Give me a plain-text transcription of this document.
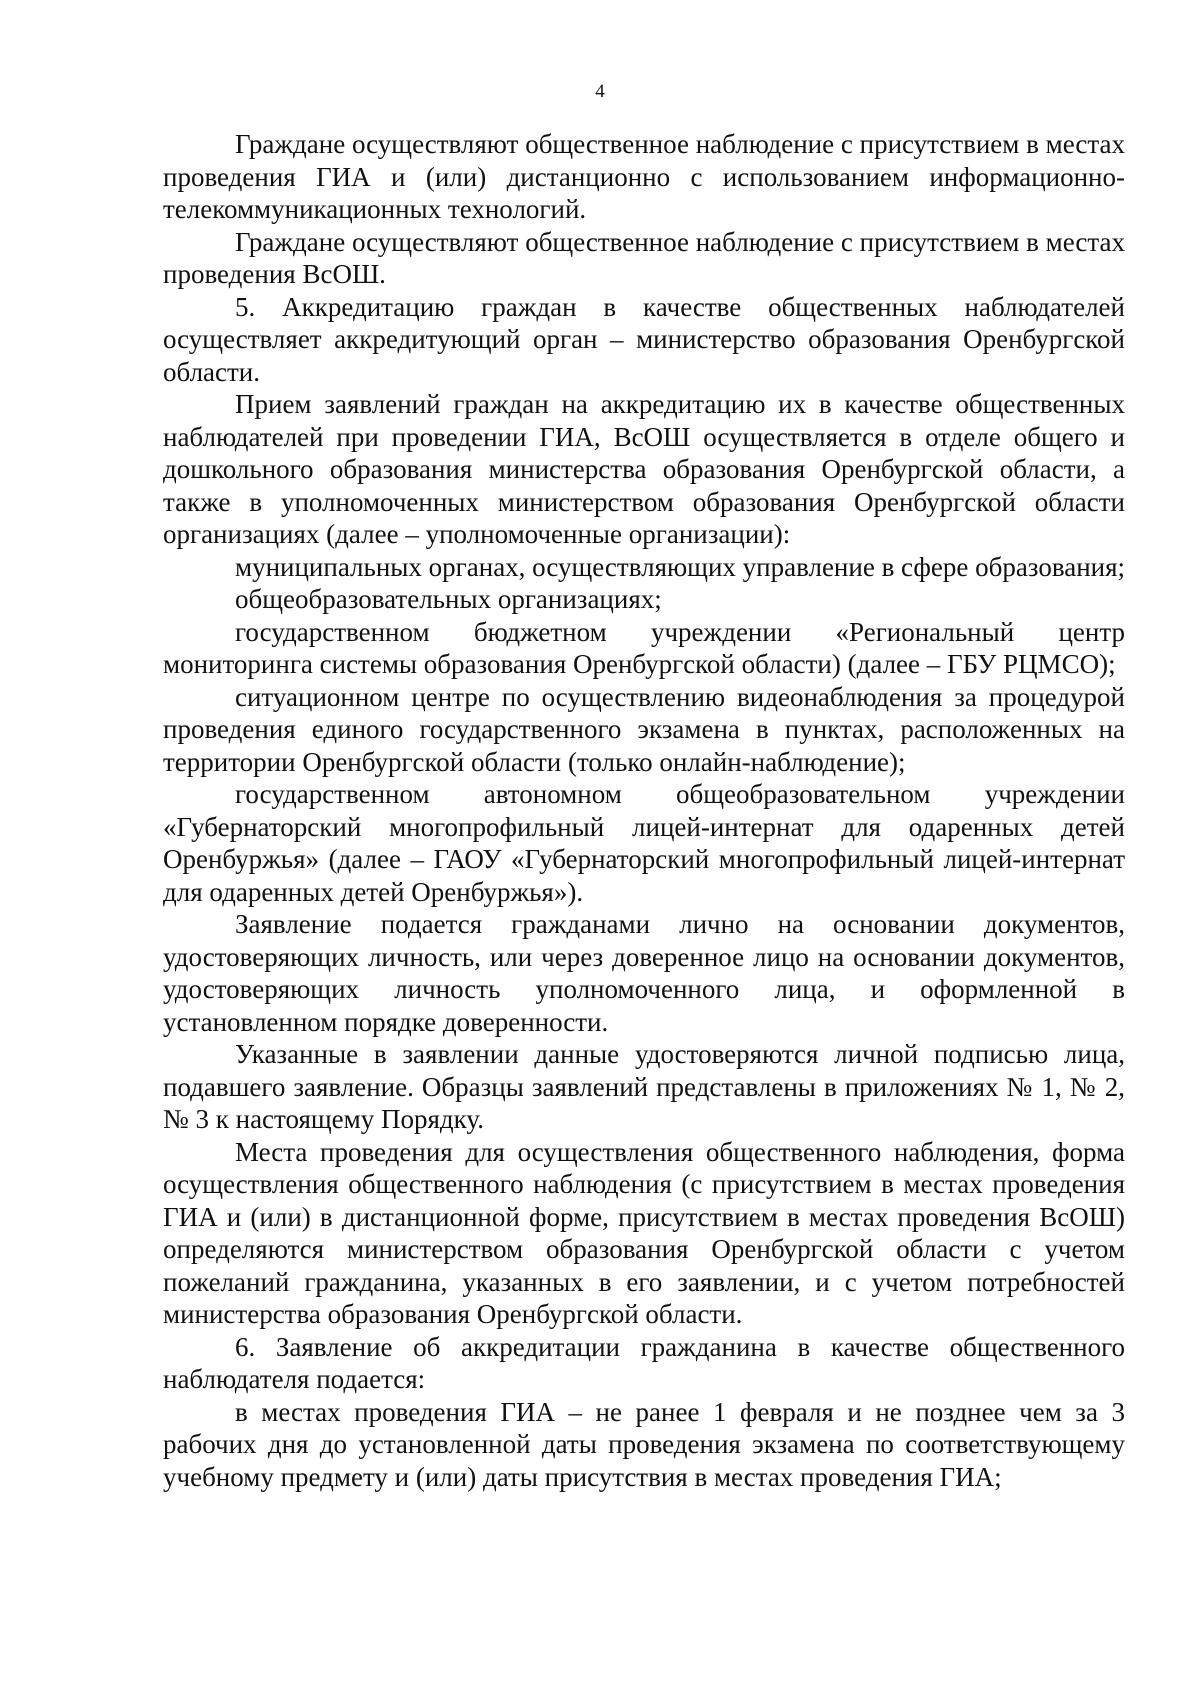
4

Граждане осуществляют общественное наблюдение с присутствием в местах проведения ГИА и (или) дистанционно с использованием информационно-телекоммуникационных технологий.

Граждане осуществляют общественное наблюдение с присутствием в местах проведения ВсОШ.

5. Аккредитацию граждан в качестве общественных наблюдателей осуществляет аккредитующий орган – министерство образования Оренбургской области.

Прием заявлений граждан на аккредитацию их в качестве общественных наблюдателей при проведении ГИА, ВсОШ осуществляется в отделе общего и дошкольного образования министерства образования Оренбургской области, а также в уполномоченных министерством образования Оренбургской области организациях (далее – уполномоченные организации):

муниципальных органах, осуществляющих управление в сфере образования;

общеобразовательных организациях;

государственном бюджетном учреждении «Региональный центр мониторинга системы образования Оренбургской области) (далее – ГБУ РЦМСО);

ситуационном центре по осуществлению видеонаблюдения за процедурой проведения единого государственного экзамена в пунктах, расположенных на территории Оренбургской области (только онлайн-наблюдение);

государственном автономном общеобразовательном учреждении «Губернаторский многопрофильный лицей-интернат для одаренных детей Оренбуржья» (далее – ГАОУ «Губернаторский многопрофильный лицей-интернат для одаренных детей Оренбуржья»).

Заявление подается гражданами лично на основании документов, удостоверяющих личность, или через доверенное лицо на основании документов, удостоверяющих личность уполномоченного лица, и оформленной в установленном порядке доверенности.

Указанные в заявлении данные удостоверяются личной подписью лица, подавшего заявление. Образцы заявлений представлены в приложениях № 1, № 2, № 3 к настоящему Порядку.

Места проведения для осуществления общественного наблюдения, форма осуществления общественного наблюдения (с присутствием в местах проведения ГИА и (или) в дистанционной форме, присутствием в местах проведения ВсОШ) определяются министерством образования Оренбургской области с учетом пожеланий гражданина, указанных в его заявлении, и с учетом потребностей министерства образования Оренбургской области.

6. Заявление об аккредитации гражданина в качестве общественного наблюдателя подается:

в местах проведения ГИА – не ранее 1 февраля и не позднее чем за 3 рабочих дня до установленной даты проведения экзамена по соответствующему учебному предмету и (или) даты присутствия в местах проведения ГИА;
